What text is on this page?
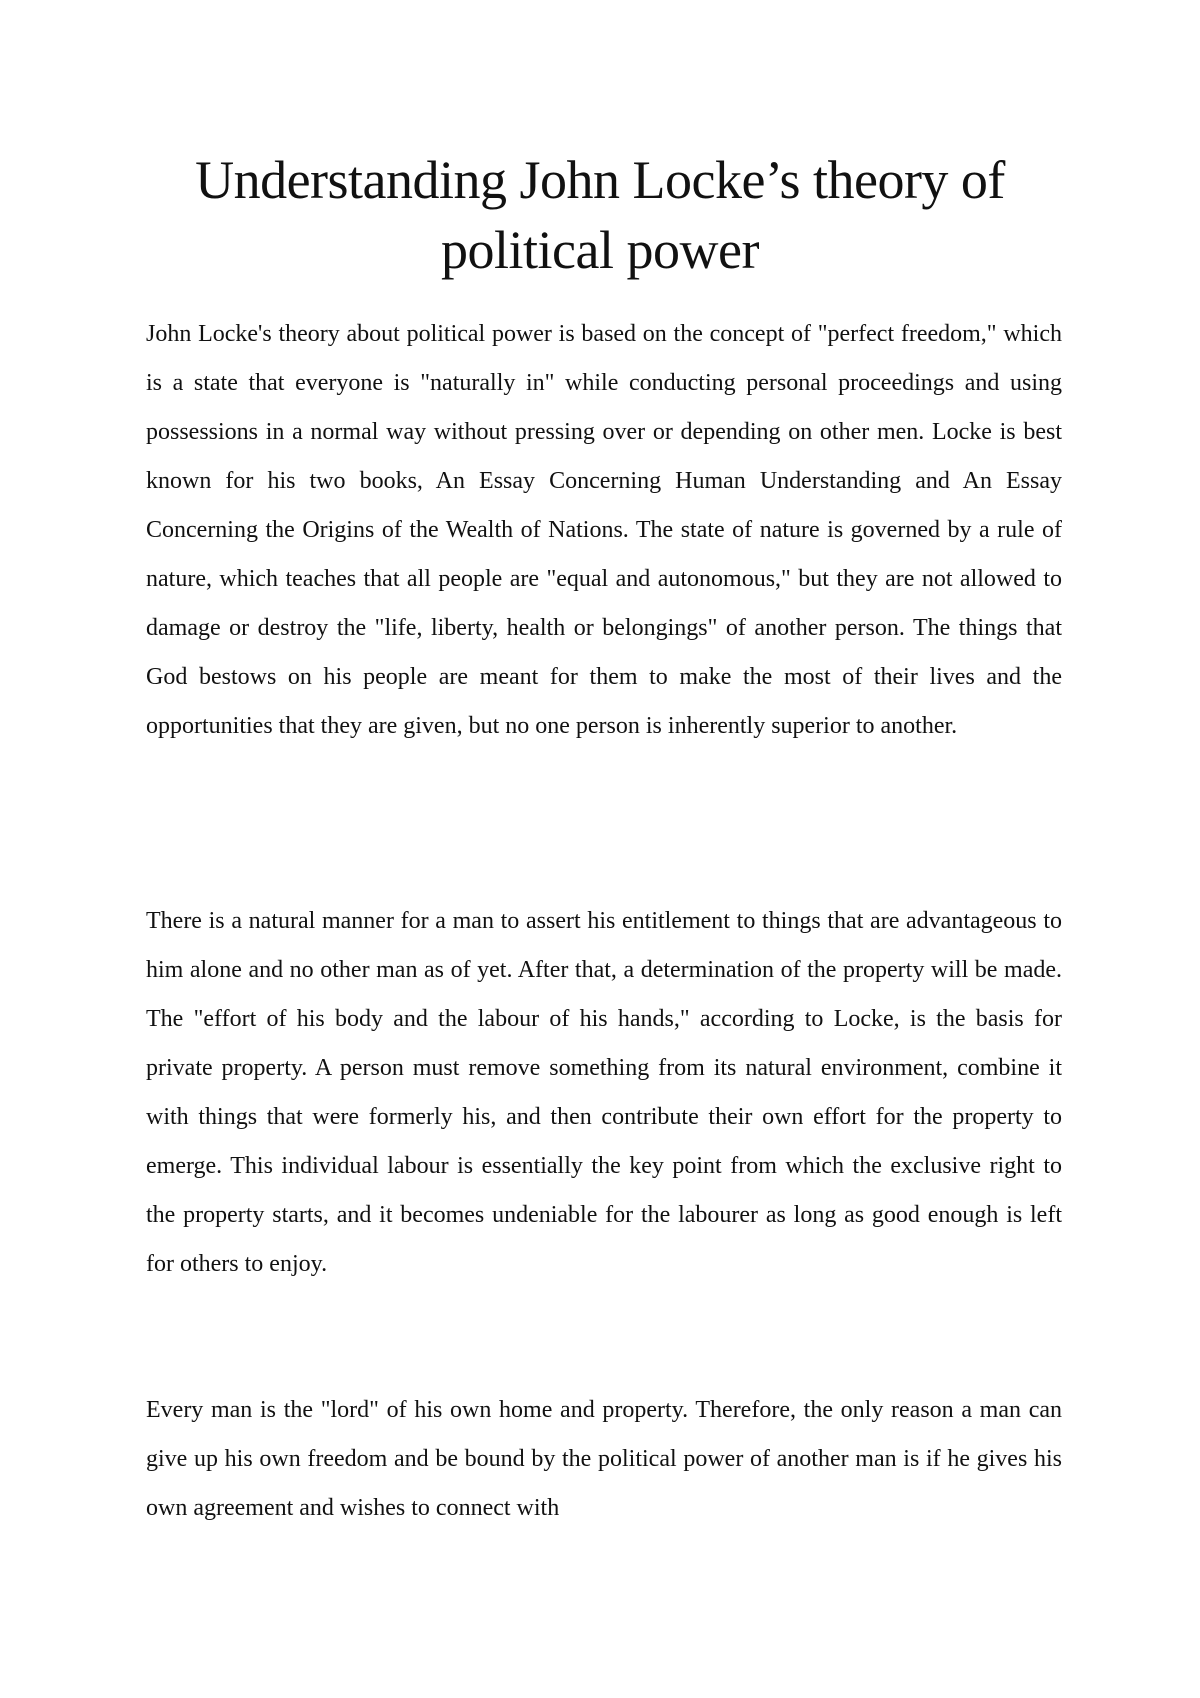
Understanding John Locke’s theory of political power

John Locke's theory about political power is based on the concept of "perfect freedom," which is a state that everyone is "naturally in" while conducting personal proceedings and using possessions in a normal way without pressing over or depending on other men. Locke is best known for his two books, An Essay Concerning Human Understanding and An Essay Concerning the Origins of the Wealth of Nations. The state of nature is governed by a rule of nature, which teaches that all people are "equal and autonomous," but they are not allowed to damage or destroy the "life, liberty, health or belongings" of another person. The things that God bestows on his people are meant for them to make the most of their lives and the opportunities that they are given, but no one person is inherently superior to another.

There is a natural manner for a man to assert his entitlement to things that are advantageous to him alone and no other man as of yet. After that, a determination of the property will be made. The "effort of his body and the labour of his hands," according to Locke, is the basis for private property. A person must remove something from its natural environment, combine it with things that were formerly his, and then contribute their own effort for the property to emerge. This individual labour is essentially the key point from which the exclusive right to the property starts, and it becomes undeniable for the labourer as long as good enough is left for others to enjoy.

Every man is the "lord" of his own home and property. Therefore, the only reason a man can give up his own freedom and be bound by the political power of another man is if he gives his own agreement and wishes to connect with
